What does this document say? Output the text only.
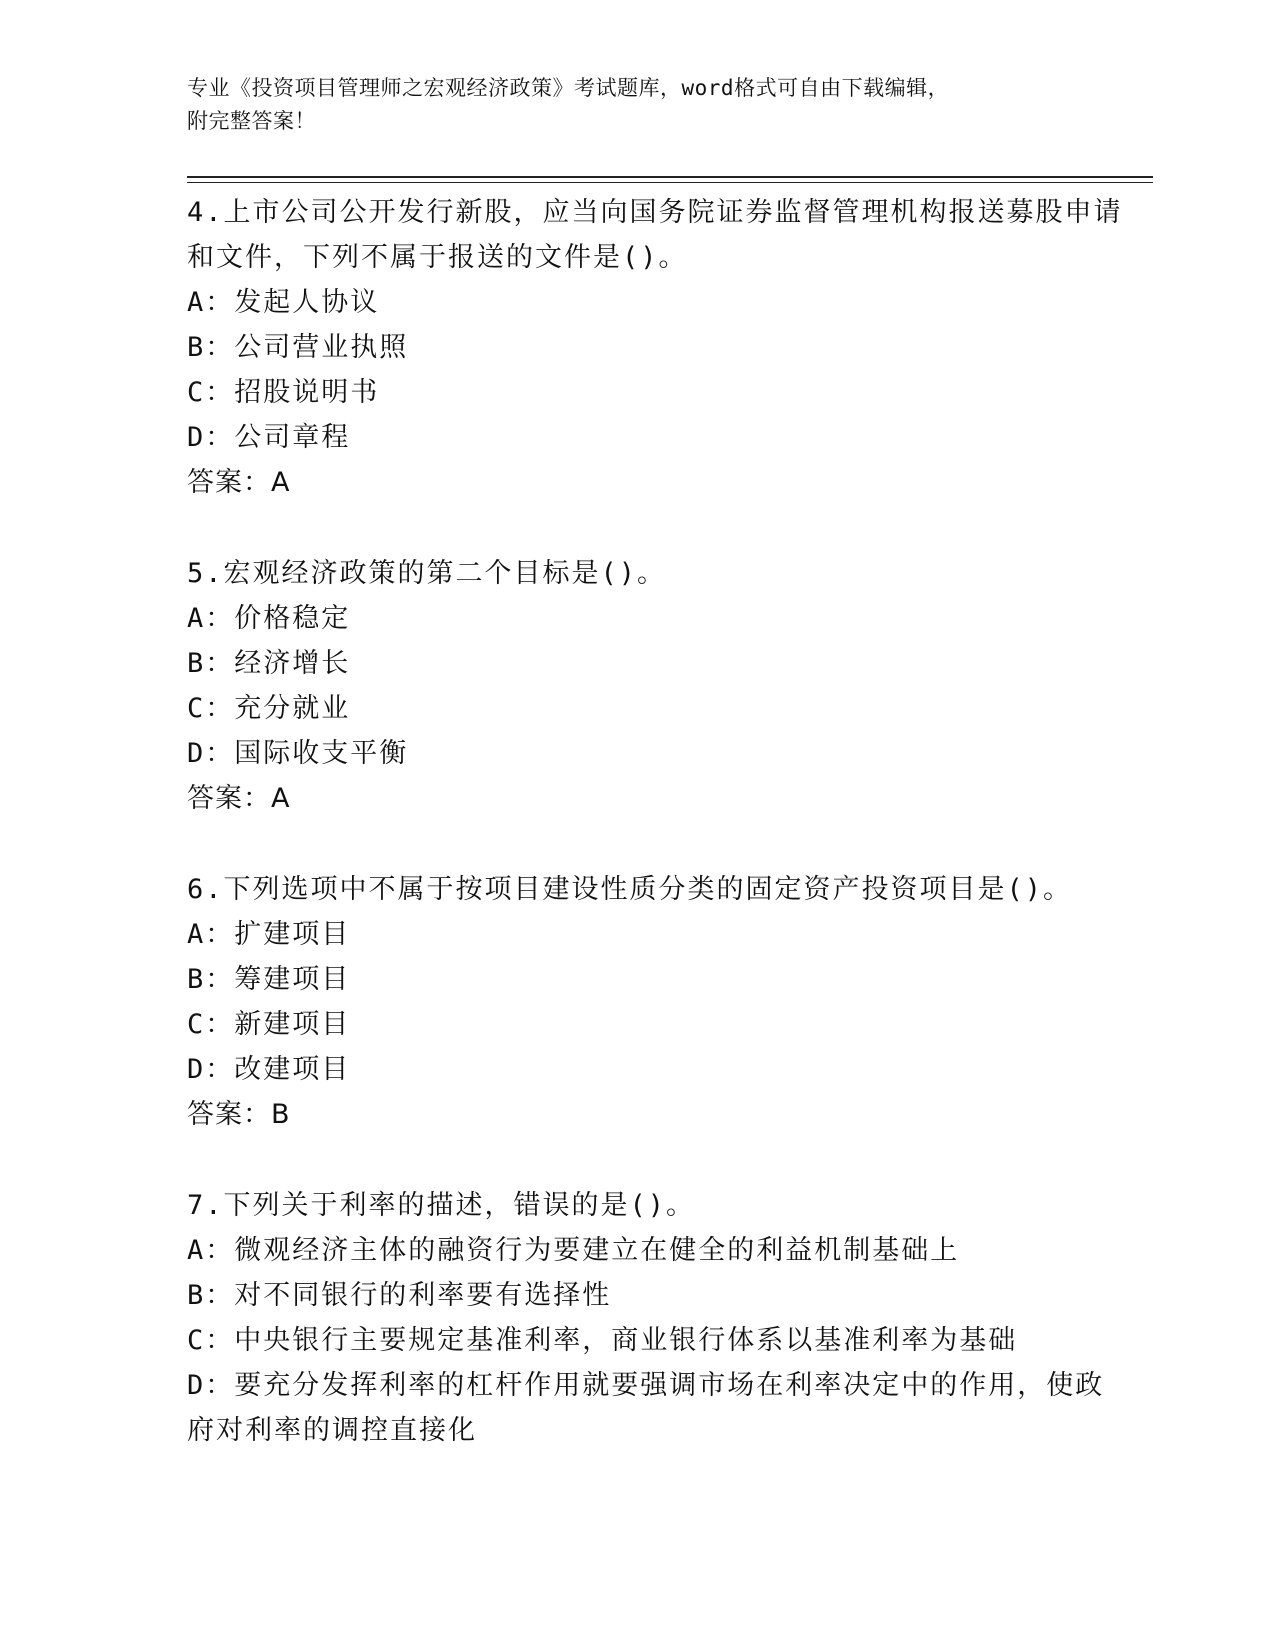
专业《投资项目管理师之宏观经济政策》考试题库，word格式可自由下载编辑，
附完整答案！

4.上市公司公开发行新股，应当向国务院证券监督管理机构报送募股申请和文件，下列不属于报送的文件是()。

A：发起人协议

B：公司营业执照

C：招股说明书

D：公司章程

答案：A

5.宏观经济政策的第二个目标是()。

A：价格稳定

B：经济增长

C：充分就业

D：国际收支平衡

答案：A

6.下列选项中不属于按项目建设性质分类的固定资产投资项目是()。

A：扩建项目

B：筹建项目

C：新建项目

D：改建项目

答案：B

7.下列关于利率的描述，错误的是()。

A：微观经济主体的融资行为要建立在健全的利益机制基础上

B：对不同银行的利率要有选择性

C：中央银行主要规定基准利率，商业银行体系以基准利率为基础

D：要充分发挥利率的杠杆作用就要强调市场在利率决定中的作用，使政府对利率的调控直接化
